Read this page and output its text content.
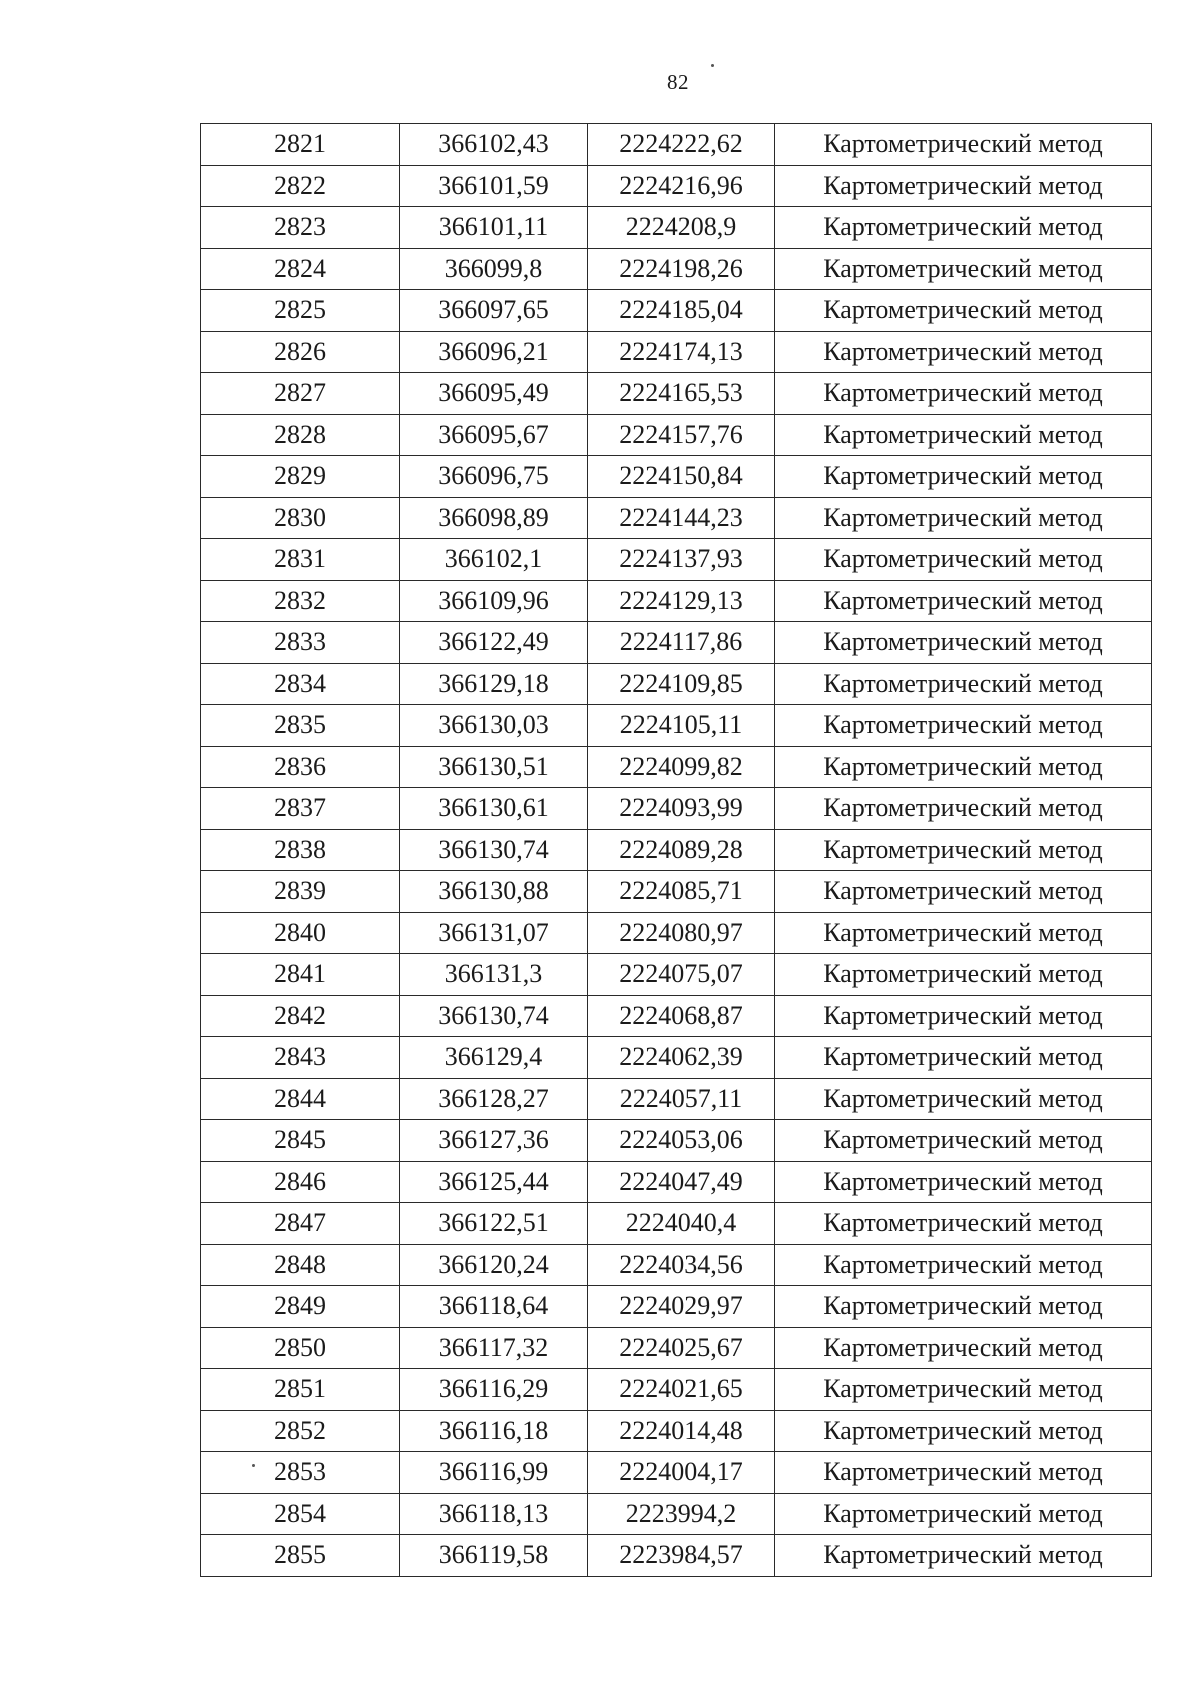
82
2821	366102,43	2224222,62	Картометрический метод
2822	366101,59	2224216,96	Картометрический метод
2823	366101,11	2224208,9	Картометрический метод
2824	366099,8	2224198,26	Картометрический метод
2825	366097,65	2224185,04	Картометрический метод
2826	366096,21	2224174,13	Картометрический метод
2827	366095,49	2224165,53	Картометрический метод
2828	366095,67	2224157,76	Картометрический метод
2829	366096,75	2224150,84	Картометрический метод
2830	366098,89	2224144,23	Картометрический метод
2831	366102,1	2224137,93	Картометрический метод
2832	366109,96	2224129,13	Картометрический метод
2833	366122,49	2224117,86	Картометрический метод
2834	366129,18	2224109,85	Картометрический метод
2835	366130,03	2224105,11	Картометрический метод
2836	366130,51	2224099,82	Картометрический метод
2837	366130,61	2224093,99	Картометрический метод
2838	366130,74	2224089,28	Картометрический метод
2839	366130,88	2224085,71	Картометрический метод
2840	366131,07	2224080,97	Картометрический метод
2841	366131,3	2224075,07	Картометрический метод
2842	366130,74	2224068,87	Картометрический метод
2843	366129,4	2224062,39	Картометрический метод
2844	366128,27	2224057,11	Картометрический метод
2845	366127,36	2224053,06	Картометрический метод
2846	366125,44	2224047,49	Картометрический метод
2847	366122,51	2224040,4	Картометрический метод
2848	366120,24	2224034,56	Картометрический метод
2849	366118,64	2224029,97	Картометрический метод
2850	366117,32	2224025,67	Картометрический метод
2851	366116,29	2224021,65	Картометрический метод
2852	366116,18	2224014,48	Картометрический метод
2853	366116,99	2224004,17	Картометрический метод
2854	366118,13	2223994,2	Картометрический метод
2855	366119,58	2223984,57	Картометрический метод
